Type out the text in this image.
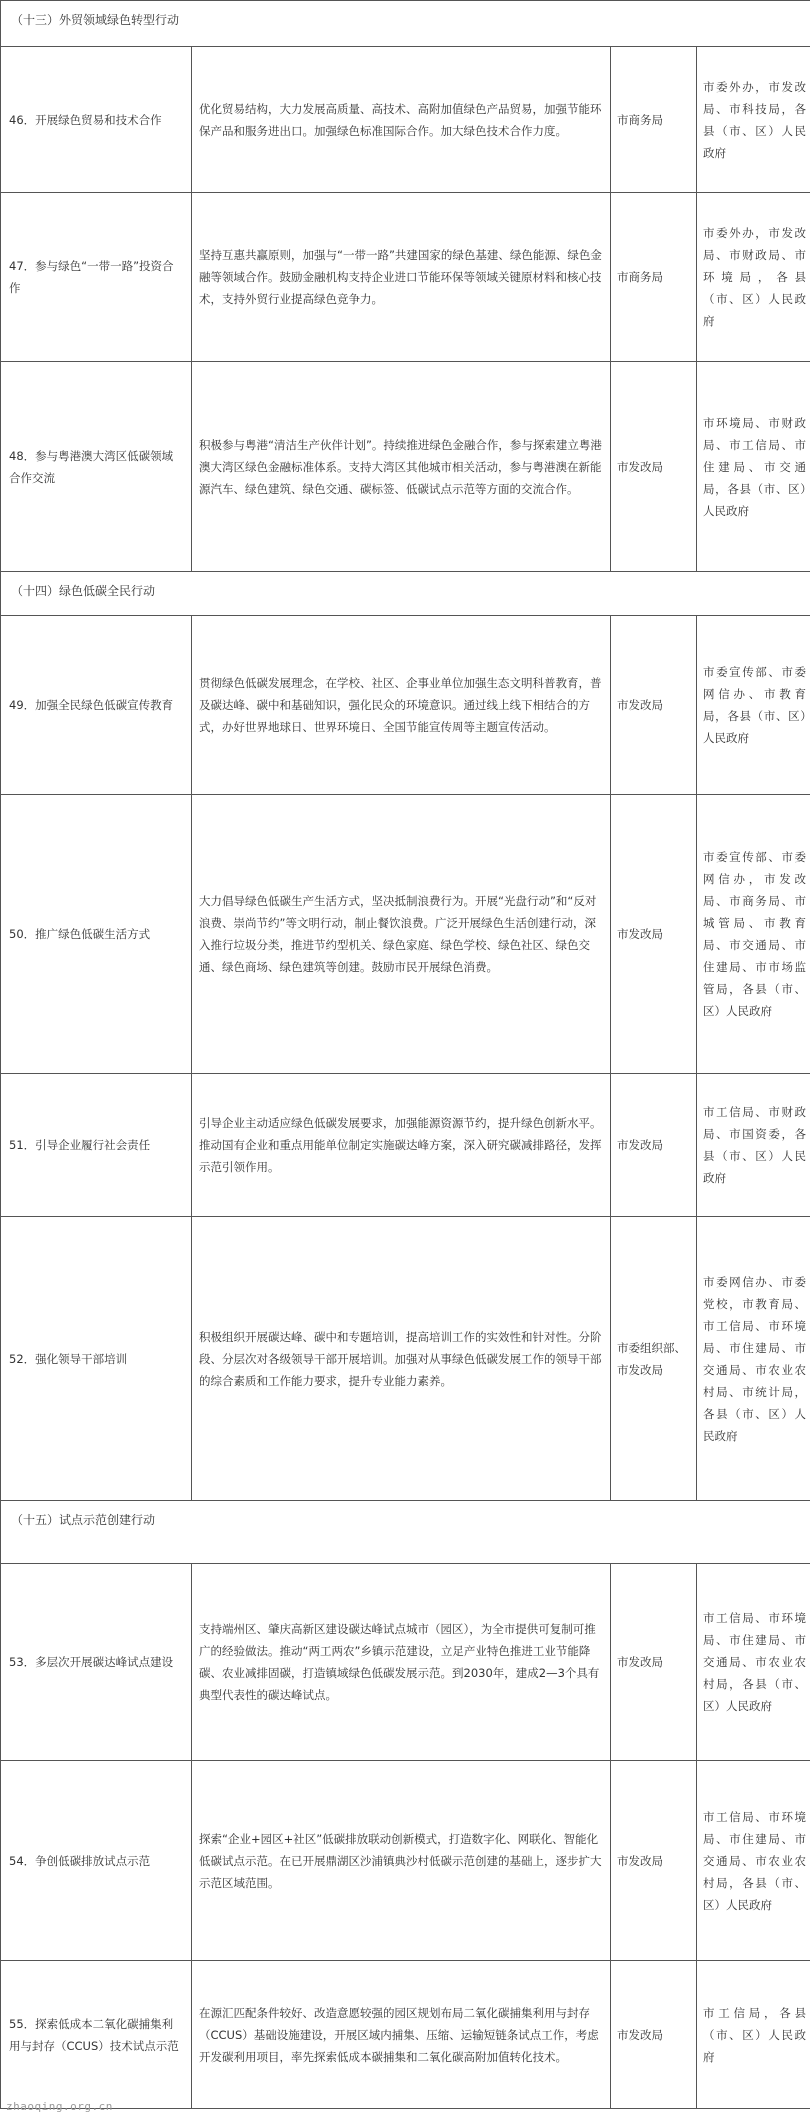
（十三）外贸领域绿色转型行动			
46．开展绿色贸易和技术合作	优化贸易结构，大力发展高质量、高技术、高附加值绿色产品贸易，加强节能环保产品和服务进出口。加强绿色标准国际合作。加大绿色技术合作力度。	市商务局	市委外办，市发改局、市科技局，各县（市、区）人民政府
47．参与绿色“一带一路”投资合作	坚持互惠共赢原则，加强与“一带一路”共建国家的绿色基建、绿色能源、绿色金融等领域合作。鼓励金融机构支持企业进口节能环保等领域关键原材料和核心技术，支持外贸行业提高绿色竞争力。	市商务局	市委外办，市发改局、市财政局、市环境局，各县（市、区）人民政府
48．参与粤港澳大湾区低碳领域合作交流	积极参与粤港“清洁生产伙伴计划”。持续推进绿色金融合作，参与探索建立粤港澳大湾区绿色金融标准体系。支持大湾区其他城市相关活动，参与粤港澳在新能源汽车、绿色建筑、绿色交通、碳标签、低碳试点示范等方面的交流合作。	市发改局	市环境局、市财政局、市工信局、市住建局、市交通局，各县（市、区）人民政府
（十四）绿色低碳全民行动			
49．加强全民绿色低碳宣传教育	贯彻绿色低碳发展理念，在学校、社区、企事业单位加强生态文明科普教育，普及碳达峰、碳中和基础知识，强化民众的环境意识。通过线上线下相结合的方式，办好世界地球日、世界环境日、全国节能宣传周等主题宣传活动。	市发改局	市委宣传部、市委网信办、市教育局，各县（市、区）人民政府
50．推广绿色低碳生活方式	大力倡导绿色低碳生产生活方式，坚决抵制浪费行为。开展“光盘行动”和“反对浪费、崇尚节约”等文明行动，制止餐饮浪费。广泛开展绿色生活创建行动，深入推行垃圾分类，推进节约型机关、绿色家庭、绿色学校、绿色社区、绿色交通、绿色商场、绿色建筑等创建。鼓励市民开展绿色消费。	市发改局	市委宣传部、市委网信办，市发改局、市商务局、市城管局、市教育局、市交通局、市住建局、市市场监管局，各县（市、区）人民政府
51．引导企业履行社会责任	引导企业主动适应绿色低碳发展要求，加强能源资源节约，提升绿色创新水平。推动国有企业和重点用能单位制定实施碳达峰方案，深入研究碳减排路径，发挥示范引领作用。	市发改局	市工信局、市财政局、市国资委，各县（市、区）人民政府
52．强化领导干部培训	积极组织开展碳达峰、碳中和专题培训，提高培训工作的实效性和针对性。分阶段、分层次对各级领导干部开展培训。加强对从事绿色低碳发展工作的领导干部的综合素质和工作能力要求，提升专业能力素养。	市委组织部、市发改局	市委网信办、市委党校，市教育局、市工信局、市环境局、市住建局、市交通局、市农业农村局、市统计局，各县（市、区）人民政府
（十五）试点示范创建行动			
53．多层次开展碳达峰试点建设	支持端州区、肇庆高新区建设碳达峰试点城市（园区），为全市提供可复制可推广的经验做法。推动“两工两农”乡镇示范建设，立足产业特色推进工业节能降碳、农业减排固碳，打造镇域绿色低碳发展示范。到2030年，建成2—3个具有典型代表性的碳达峰试点。	市发改局	市工信局、市环境局、市住建局、市交通局、市农业农村局，各县（市、区）人民政府
54．争创低碳排放试点示范	探索“企业+园区+社区”低碳排放联动创新模式，打造数字化、网联化、智能化低碳试点示范。在已开展鼎湖区沙浦镇典沙村低碳示范创建的基础上，逐步扩大示范区域范围。	市发改局	市工信局、市环境局、市住建局、市交通局、市农业农村局，各县（市、区）人民政府
55．探索低成本二氧化碳捕集利用与封存（CCUS）技术试点示范	在源汇匹配条件较好、改造意愿较强的园区规划布局二氧化碳捕集利用与封存（CCUS）基础设施建设，开展区域内捕集、压缩、运输短链条试点工作，考虑开发碳利用项目，率先探索低成本碳捕集和二氧化碳高附加值转化技术。	市发改局	市工信局，各县（市、区）人民政府
zhaoqing.org.cn
